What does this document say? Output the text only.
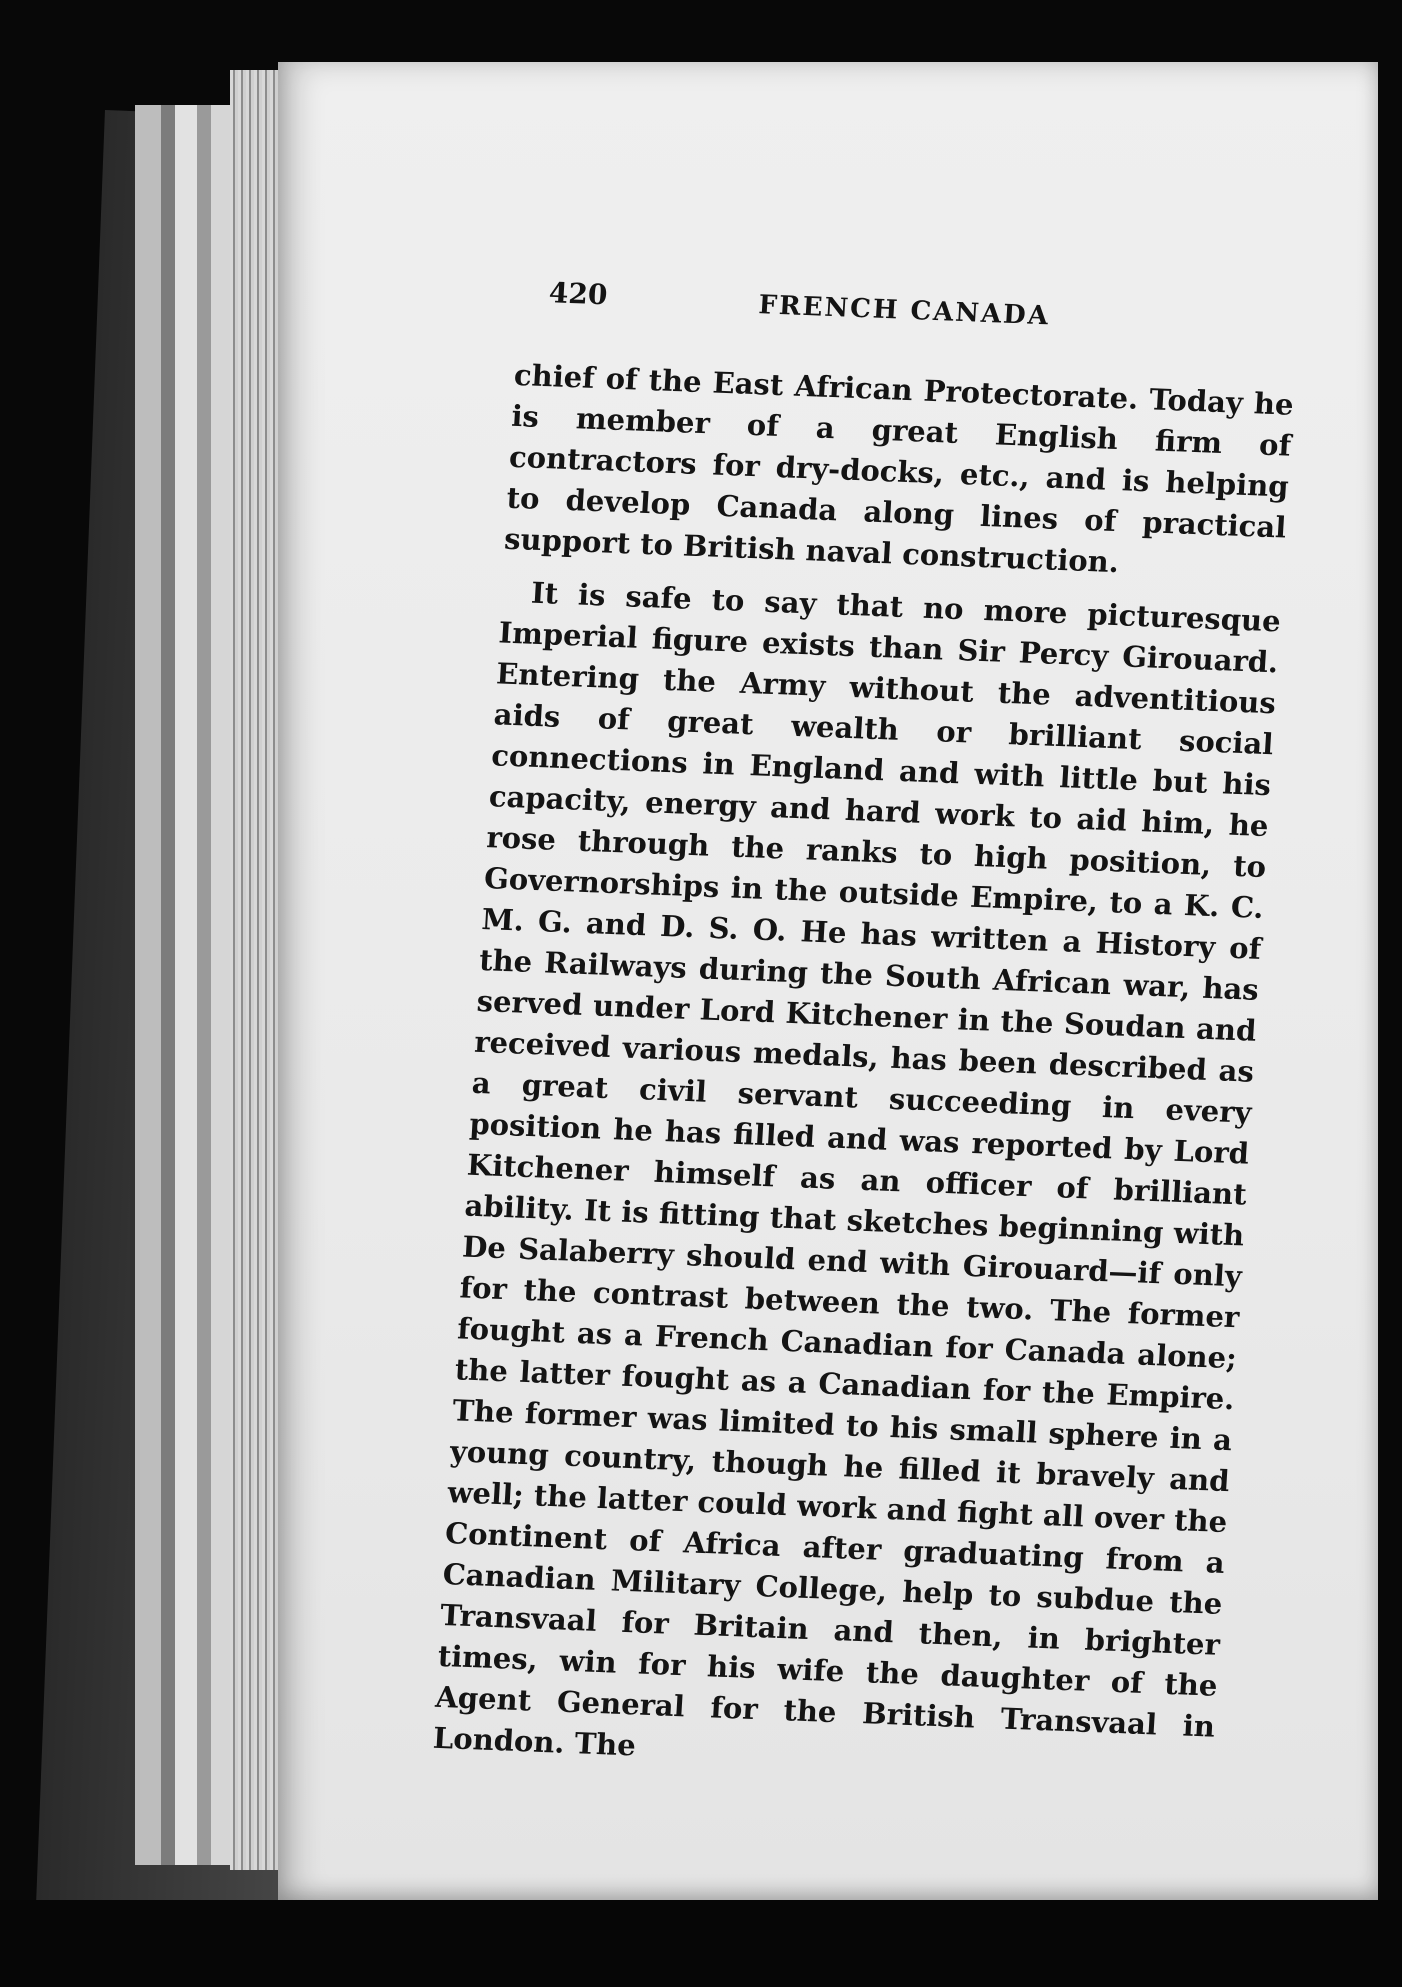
420	FRENCH CANADA

chief of the East African Protectorate. Today he is member of a great English firm of contractors for dry-docks, etc., and is helping to develop Canada along lines of practical support to British naval construction.

It is safe to say that no more picturesque Imperial figure exists than Sir Percy Girouard. Entering the Army without the adventitious aids of great wealth or brilliant social connections in England and with little but his capacity, energy and hard work to aid him, he rose through the ranks to high position, to Governorships in the outside Empire, to a K. C. M. G. and D. S. O. He has written a History of the Railways during the South African war, has served under Lord Kitchener in the Soudan and received various medals, has been described as a great civil servant succeeding in every position he has filled and was reported by Lord Kitchener himself as an officer of brilliant ability. It is fitting that sketches beginning with De Salaberry should end with Girouard—if only for the contrast between the two. The former fought as a French Canadian for Canada alone; the latter fought as a Canadian for the Empire. The former was limited to his small sphere in a young country, though he filled it bravely and well; the latter could work and fight all over the Continent of Africa after graduating from a Canadian Military College, help to subdue the Transvaal for Britain and then, in brighter times, win for his wife the daughter of the Agent General for the British Transvaal in London. The
